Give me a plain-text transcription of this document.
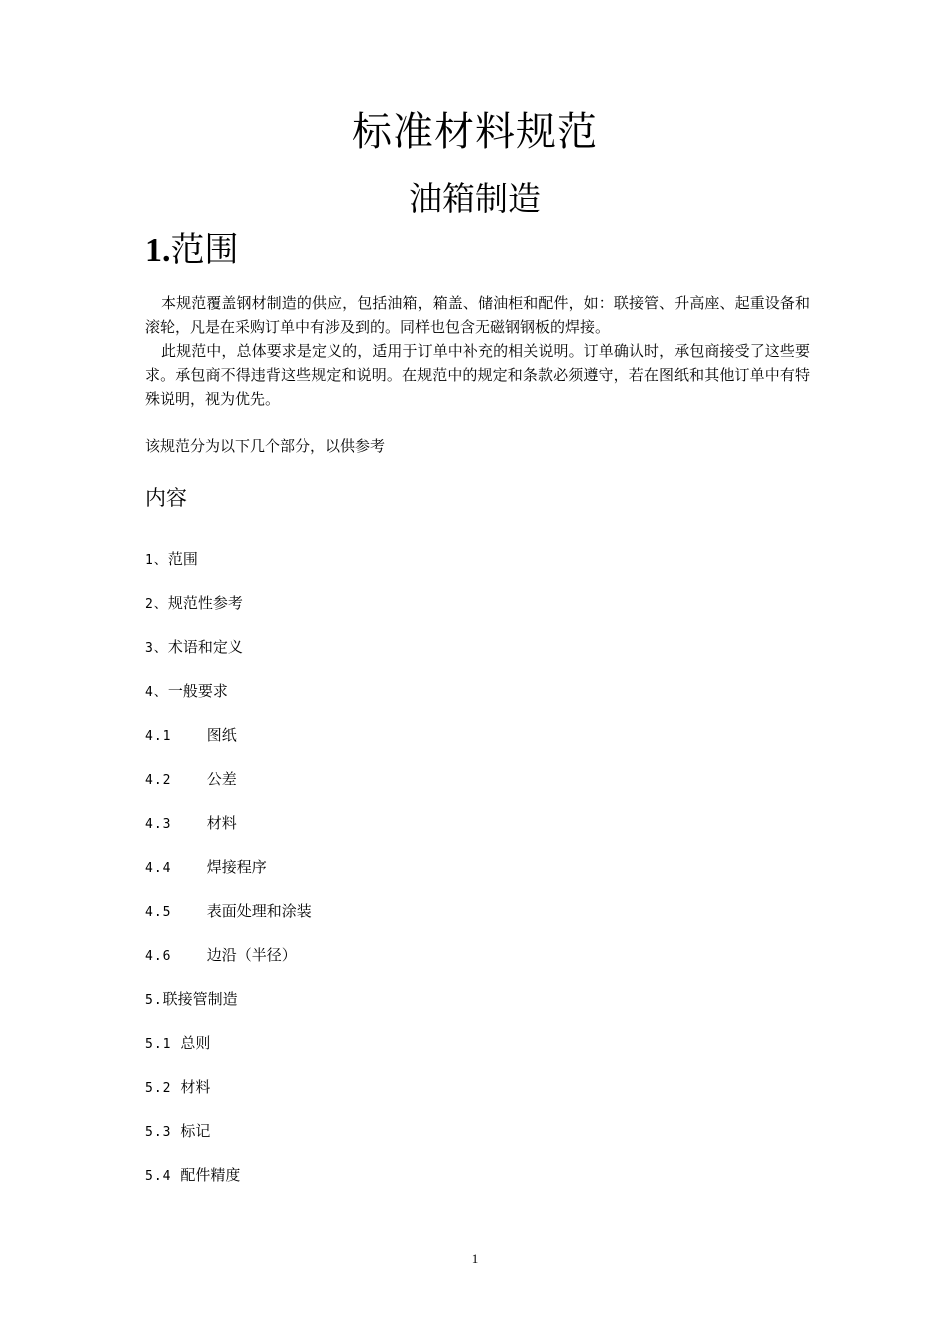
标准材料规范
油箱制造
1.范围

本规范覆盖钢材制造的供应，包括油箱，箱盖、储油柜和配件，如：联接管、升高座、起重设备和滚轮，凡是在采购订单中有涉及到的。同样也包含无磁钢钢板的焊接。

此规范中，总体要求是定义的，适用于订单中补充的相关说明。订单确认时，承包商接受了这些要求。承包商不得违背这些规定和说明。在规范中的规定和条款必须遵守，若在图纸和其他订单中有特殊说明，视为优先。

该规范分为以下几个部分，以供参考

内容
1、范围
2、规范性参考
3、术语和定义
4、一般要求
4.1    图纸
4.2    公差
4.3    材料
4.4    焊接程序
4.5    表面处理和涂装
4.6    边沿（半径）
5.联接管制造
5.1 总则
5.2 材料
5.3 标记
5.4 配件精度
1
